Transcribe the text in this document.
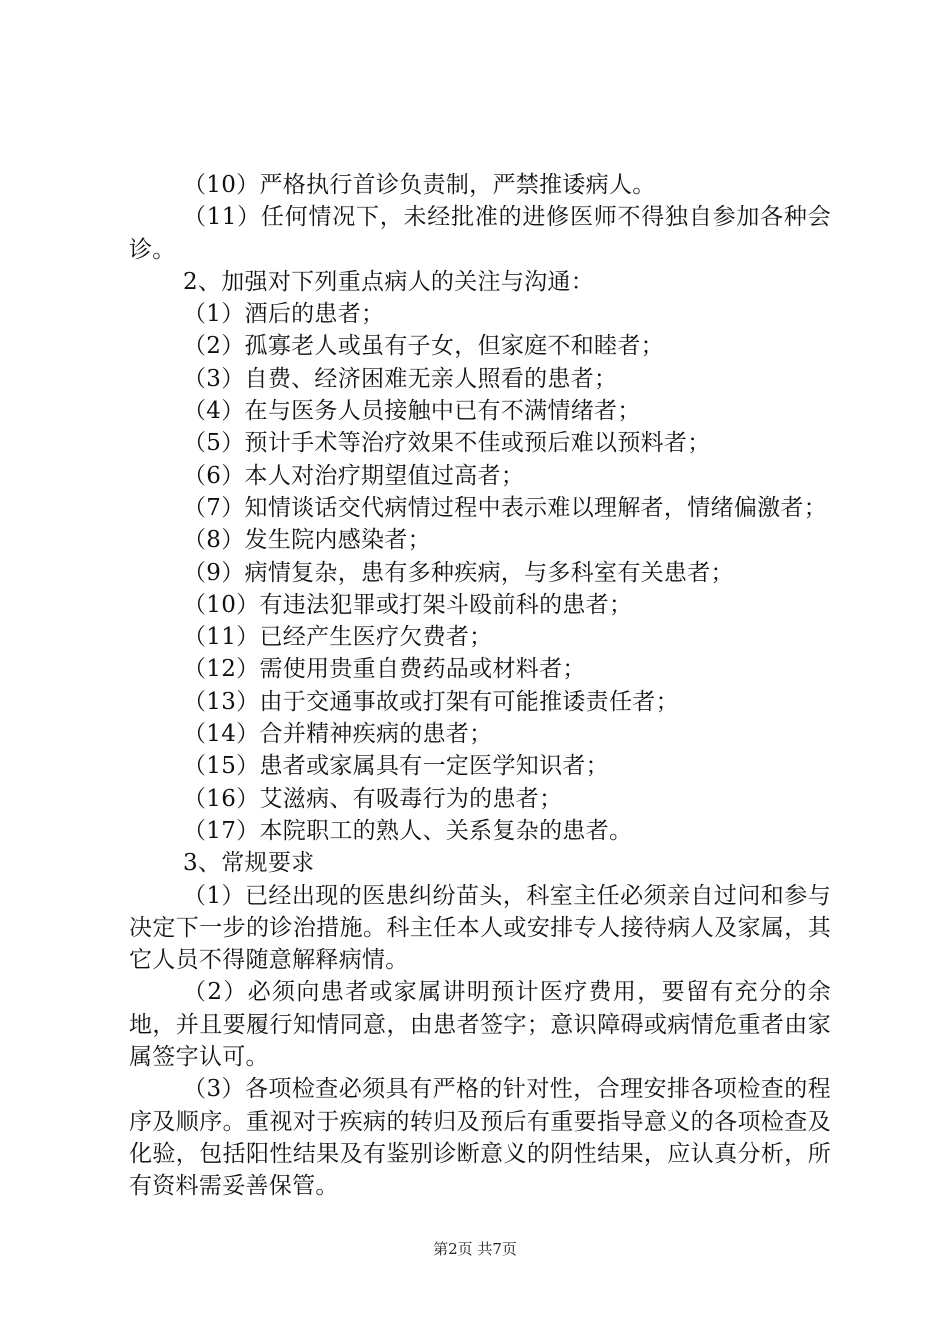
（10）严格执行首诊负责制，严禁推诿病人。

（11）任何情况下，未经批准的进修医师不得独自参加各种会诊。

2、加强对下列重点病人的关注与沟通：

（1）酒后的患者；

（2）孤寡老人或虽有子女，但家庭不和睦者；

（3）自费、经济困难无亲人照看的患者；

（4）在与医务人员接触中已有不满情绪者；

（5）预计手术等治疗效果不佳或预后难以预料者；

（6）本人对治疗期望值过高者；

（7）知情谈话交代病情过程中表示难以理解者，情绪偏激者；

（8）发生院内感染者；

（9）病情复杂，患有多种疾病，与多科室有关患者；

（10）有违法犯罪或打架斗殴前科的患者；

（11）已经产生医疗欠费者；

（12）需使用贵重自费药品或材料者；

（13）由于交通事故或打架有可能推诿责任者；

（14）合并精神疾病的患者；

（15）患者或家属具有一定医学知识者；

（16）艾滋病、有吸毒行为的患者；

（17）本院职工的熟人、关系复杂的患者。

3、常规要求

（1）已经出现的医患纠纷苗头，科室主任必须亲自过问和参与决定下一步的诊治措施。科主任本人或安排专人接待病人及家属，其它人员不得随意解释病情。

（2）必须向患者或家属讲明预计医疗费用，要留有充分的余地，并且要履行知情同意，由患者签字；意识障碍或病情危重者由家属签字认可。

（3）各项检查必须具有严格的针对性，合理安排各项检查的程序及顺序。重视对于疾病的转归及预后有重要指导意义的各项检查及化验，包括阳性结果及有鉴别诊断意义的阴性结果，应认真分析，所有资料需妥善保管。

第2页 共7页
